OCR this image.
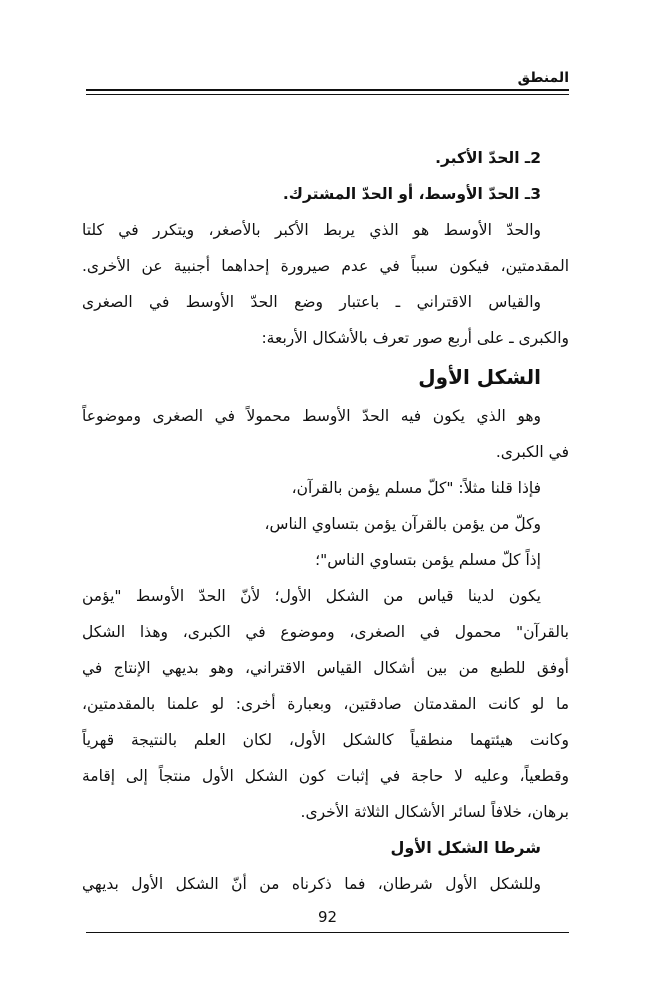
المنطق
2ـ الحدّ الأكبر.
3ـ الحدّ الأوسط، أو الحدّ المشترك.
والحدّ الأوسط هو الذي يربط الأكبر بالأصغر، ويتكرر في كلتا
المقدمتين، فيكون سبباً في عدم صيرورة إحداهما أجنبية عن الأخرى.
والقياس الاقتراني ـ باعتبار وضع الحدّ الأوسط في الصغرى
والكبرى ـ على أربع صور تعرف بالأشكال الأربعة:
الشكل الأول
وهو الذي يكون فيه الحدّ الأوسط محمولاً في الصغرى وموضوعاً
في الكبرى.
فإذا قلنا مثلاً: "كلّ مسلم يؤمن بالقرآن،
وكلّ من يؤمن بالقرآن يؤمن بتساوي الناس،
إذاً كلّ مسلم يؤمن بتساوي الناس"؛
يكون لدينا قياس من الشكل الأول؛ لأنّ الحدّ الأوسط "يؤمن
بالقرآن" محمول في الصغرى، وموضوع في الكبرى، وهذا الشكل
أوفق للطبع من بين أشكال القياس الاقتراني، وهو بديهي الإنتاج في
ما لو كانت المقدمتان صادقتين، وبعبارة أخرى: لو علمنا بالمقدمتين،
وكانت هيئتهما منطقياً كالشكل الأول، لكان العلم بالنتيجة قهرياً
وقطعياً، وعليه لا حاجة في إثبات كون الشكل الأول منتجاً إلى إقامة
برهان، خلافاً لسائر الأشكال الثلاثة الأخرى.
شرطا الشكل الأول
وللشكل الأول شرطان، فما ذكرناه من أنّ الشكل الأول بديهي
92
